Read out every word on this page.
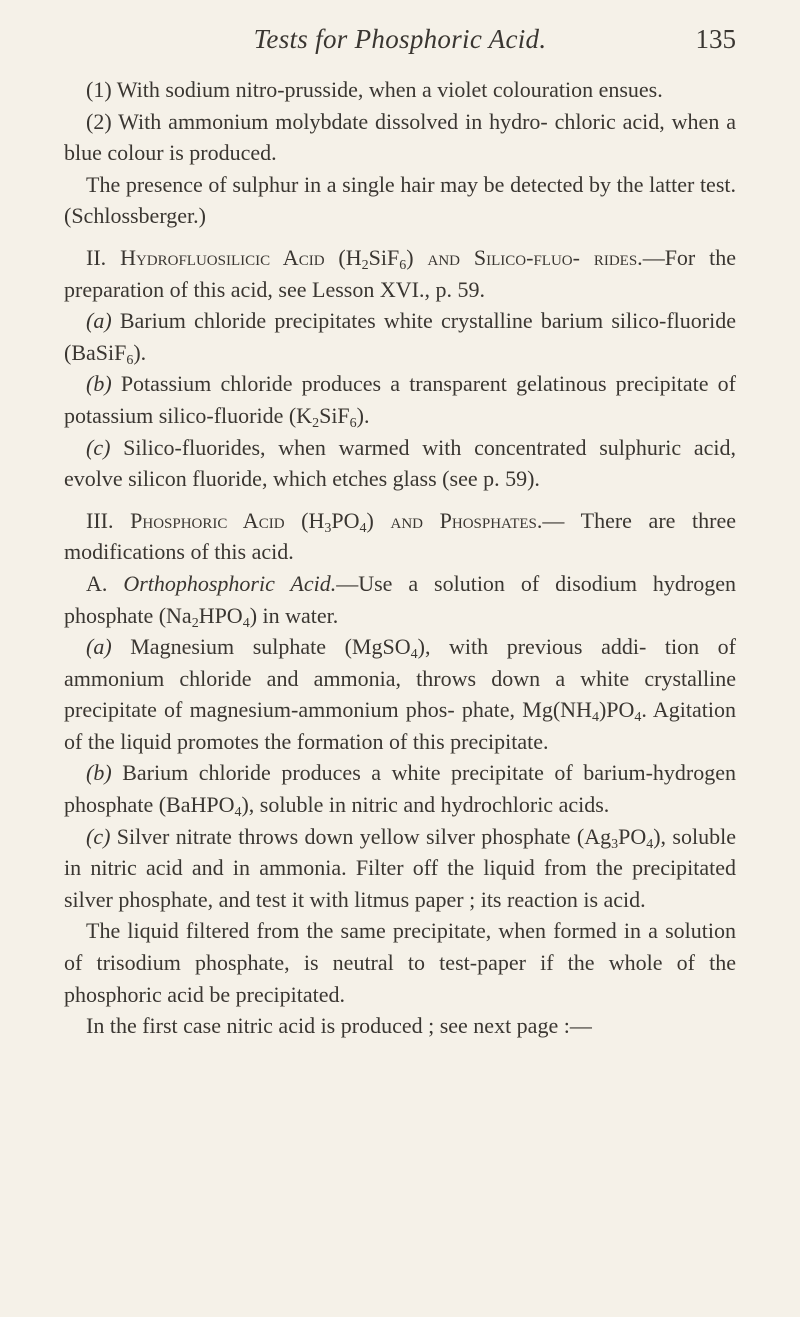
Tests for Phosphoric Acid.	135

(1) With sodium nitro-prusside, when a violet colouration ensues.

(2) With ammonium molybdate dissolved in hydro- chloric acid, when a blue colour is produced.

The presence of sulphur in a single hair may be detected by the latter test. (Schlossberger.)

II. Hydrofluosilicic Acid $(H_2SiF_6)$ and Silico-fluo- rides.—For the preparation of this acid, see Lesson XVI., p. 59.

(a) Barium chloride precipitates white crystalline barium silico-fluoride (BaSiF$_6$).

(b) Potassium chloride produces a transparent gelatinous precipitate of potassium silico-fluoride $(K_2SiF_6)$.

(c) Silico-fluorides, when warmed with concentrated sulphuric acid, evolve silicon fluoride, which etches glass (see p. 59).

III. Phosphoric Acid $(H_3PO_4)$ and Phosphates.— There are three modifications of this acid.

A. Orthophosphoric Acid.—Use a solution of disodium hydrogen phosphate $(Na_2HPO_4)$ in water.

(a) Magnesium sulphate (MgSO$_4$), with previous addi- tion of ammonium chloride and ammonia, throws down a white crystalline precipitate of magnesium-ammonium phos- phate, $Mg(NH_4)PO_4$. Agitation of the liquid promotes the formation of this precipitate.

(b) Barium chloride produces a white precipitate of barium-hydrogen phosphate (BaHPO$_4$), soluble in nitric and hydrochloric acids.

(c) Silver nitrate throws down yellow silver phosphate $(Ag_3PO_4)$, soluble in nitric acid and in ammonia. Filter off the liquid from the precipitated silver phosphate, and test it with litmus paper ; its reaction is acid.

The liquid filtered from the same precipitate, when formed in a solution of trisodium phosphate, is neutral to test-paper if the whole of the phosphoric acid be precipitated.

In the first case nitric acid is produced ; see next page :—
